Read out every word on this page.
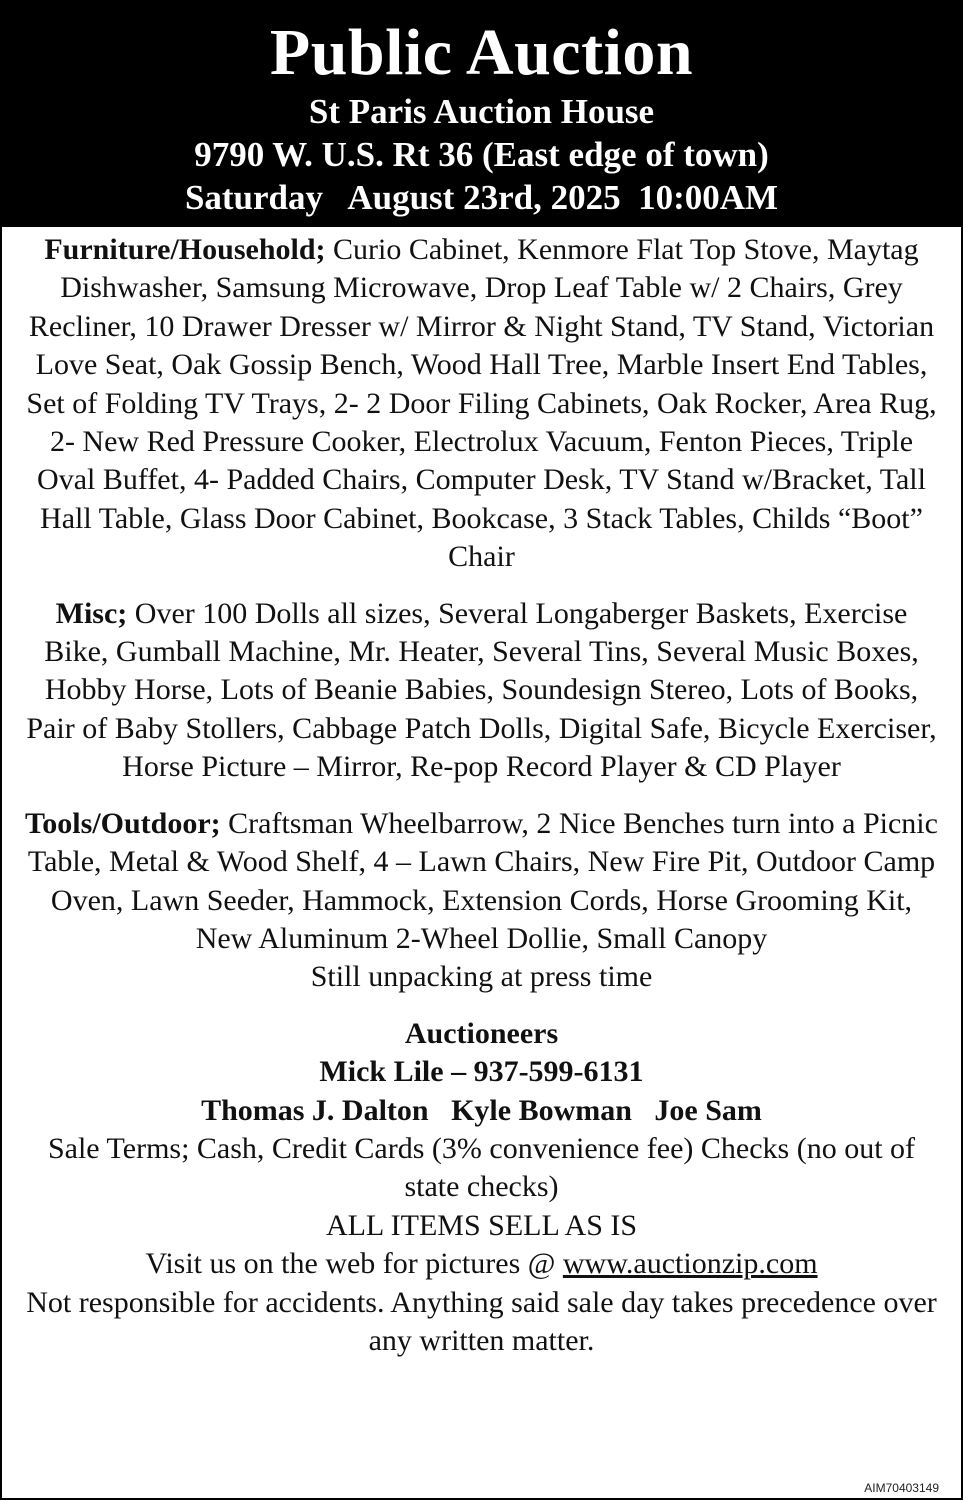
Public Auction
St Paris Auction House
9790 W. U.S. Rt 36 (East edge of town)
Saturday   August 23rd, 2025  10:00AM
Furniture/Household; Curio Cabinet, Kenmore Flat Top Stove, Maytag Dishwasher, Samsung Microwave, Drop Leaf Table w/ 2 Chairs, Grey Recliner, 10 Drawer Dresser w/ Mirror & Night Stand, TV Stand, Victorian Love Seat, Oak Gossip Bench, Wood Hall Tree, Marble Insert End Tables, Set of Folding TV Trays, 2- 2 Door Filing Cabinets, Oak Rocker, Area Rug, 2- New Red Pressure Cooker, Electrolux Vacuum, Fenton Pieces, Triple Oval Buffet, 4- Padded Chairs, Computer Desk, TV Stand w/Bracket, Tall Hall Table, Glass Door Cabinet, Bookcase, 3 Stack Tables, Childs “Boot” Chair
Misc; Over 100 Dolls all sizes, Several Longaberger Baskets, Exercise Bike, Gumball Machine, Mr. Heater, Several Tins, Several Music Boxes, Hobby Horse, Lots of Beanie Babies, Soundesign Stereo, Lots of Books, Pair of Baby Stollers, Cabbage Patch Dolls, Digital Safe, Bicycle Exerciser, Horse Picture – Mirror, Re-pop Record Player & CD Player
Tools/Outdoor; Craftsman Wheelbarrow, 2 Nice Benches turn into a Picnic Table, Metal & Wood Shelf, 4 – Lawn Chairs, New Fire Pit, Outdoor Camp Oven, Lawn Seeder, Hammock, Extension Cords, Horse Grooming Kit, New Aluminum 2-Wheel Dollie, Small Canopy
Still unpacking at press time
Auctioneers
Mick Lile – 937-599-6131
Thomas J. Dalton   Kyle Bowman   Joe Sam
Sale Terms; Cash, Credit Cards (3% convenience fee) Checks (no out of state checks)
ALL ITEMS SELL AS IS
Visit us on the web for pictures @ www.auctionzip.com
Not responsible for accidents. Anything said sale day takes precedence over any written matter.
AIM70403149
